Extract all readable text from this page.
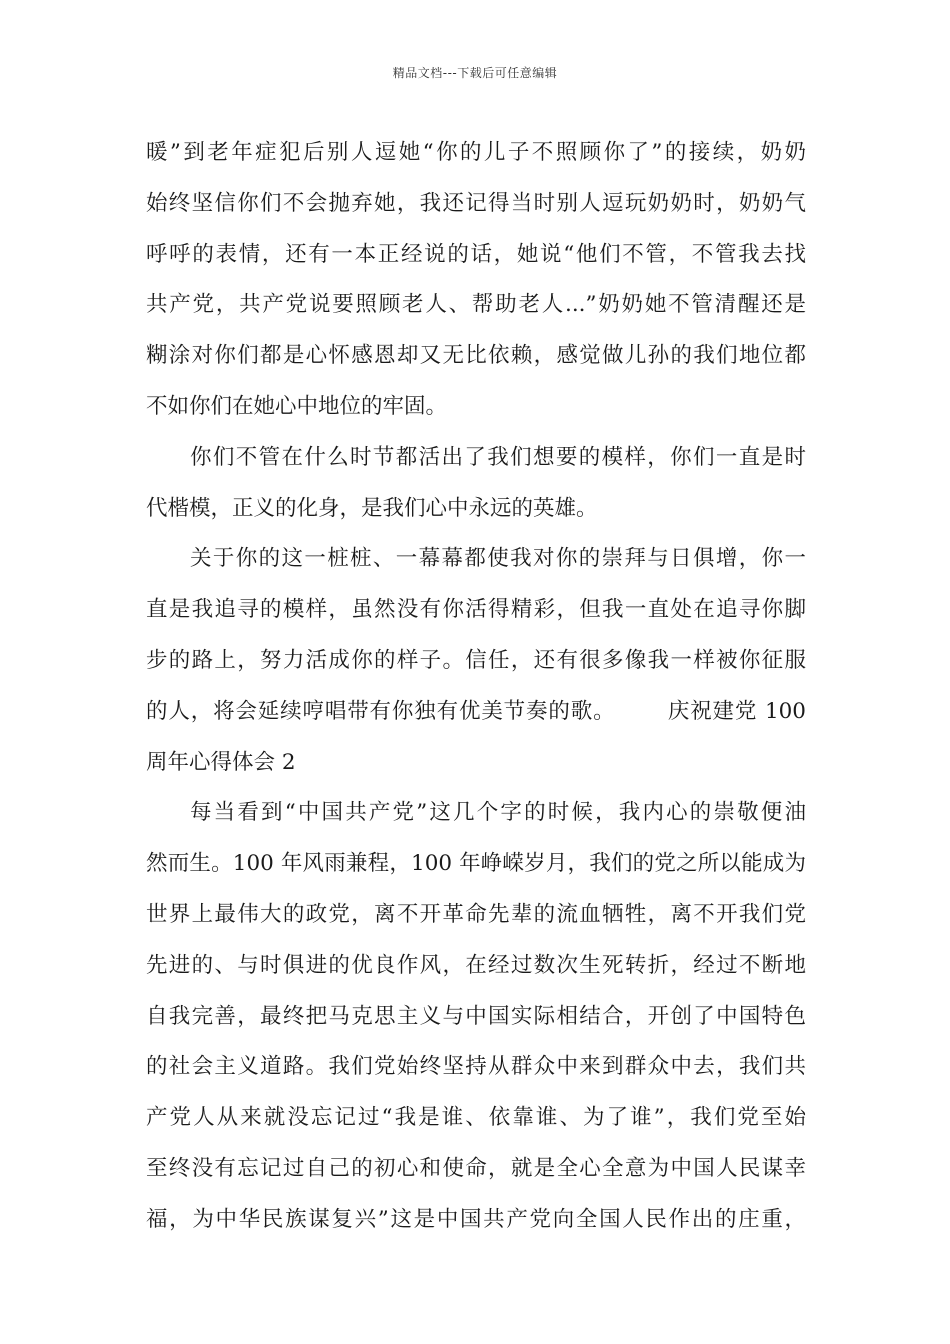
精品文档---下载后可任意编辑
暖”到老年症犯后别人逗她“你的儿子不照顾你了”的接续，奶奶
始终坚信你们不会抛弃她，我还记得当时别人逗玩奶奶时，奶奶气
呼呼的表情，还有一本正经说的话，她说“他们不管，不管我去找
共产党，共产党说要照顾老人、帮助老人...”奶奶她不管清醒还是
糊涂对你们都是心怀感恩却又无比依赖，感觉做儿孙的我们地位都
不如你们在她心中地位的牢固。
你们不管在什么时节都活出了我们想要的模样，你们一直是时
代楷模，正义的化身，是我们心中永远的英雄。
关于你的这一桩桩、一幕幕都使我对你的崇拜与日俱增，你一
直是我追寻的模样，虽然没有你活得精彩，但我一直处在追寻你脚
步的路上，努力活成你的样子。信任，还有很多像我一样被你征服
的人，将会延续哼唱带有你独有优美节奏的歌。 　　庆祝建党 100
周年心得体会 2
每当看到“中国共产党”这几个字的时候，我内心的崇敬便油
然而生。100 年风雨兼程，100 年峥嵘岁月，我们的党之所以能成为
世界上最伟大的政党，离不开革命先辈的流血牺牲，离不开我们党
先进的、与时俱进的优良作风，在经过数次生死转折，经过不断地
自我完善，最终把马克思主义与中国实际相结合，开创了中国特色
的社会主义道路。我们党始终坚持从群众中来到群众中去，我们共
产党人从来就没忘记过“我是谁、依靠谁、为了谁”，我们党至始
至终没有忘记过自己的初心和使命，就是全心全意为中国人民谋幸
福，为中华民族谋复兴”这是中国共产党向全国人民作出的庄重，
